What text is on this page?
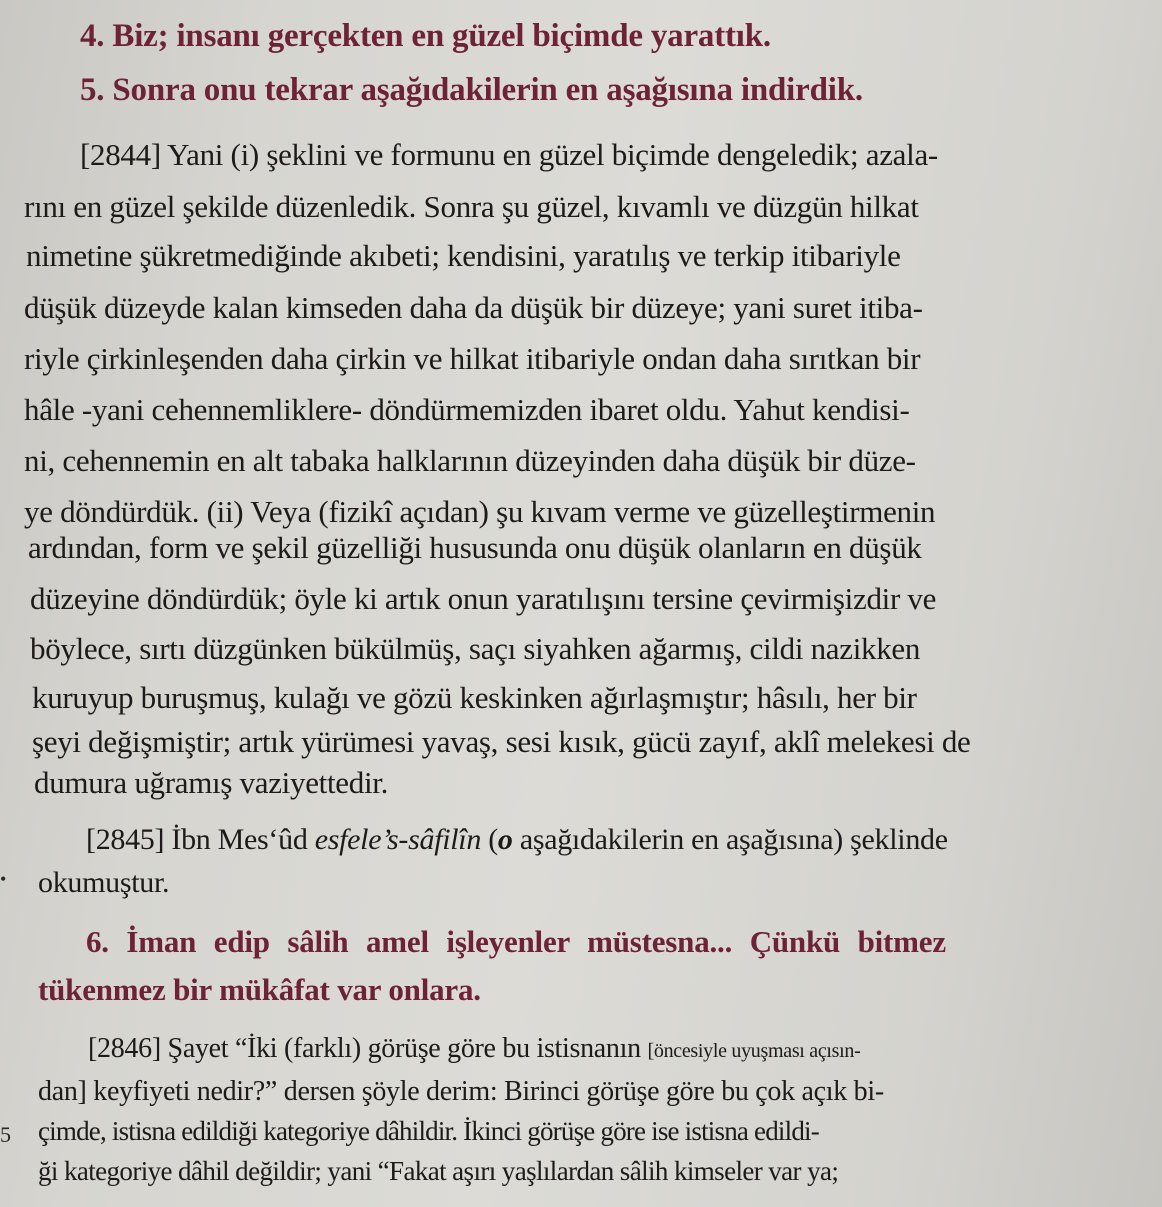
4. Biz; insanı gerçekten en güzel biçimde yarattık.
5. Sonra onu tekrar aşağıdakilerin en aşağısına indirdik.
[2844] Yani (i) şeklini ve formunu en güzel biçimde dengeledik; azala-
rını en güzel şekilde düzenledik. Sonra şu güzel, kıvamlı ve düzgün hilkat
nimetine şükretmediğinde akıbeti; kendisini, yaratılış ve terkip itibariyle
düşük düzeyde kalan kimseden daha da düşük bir düzeye; yani suret itiba-
riyle çirkinleşenden daha çirkin ve hilkat itibariyle ondan daha sırıtkan bir
hâle -yani cehennemliklere- döndürmemizden ibaret oldu. Yahut kendisi-
ni, cehennemin en alt tabaka halklarının düzeyinden daha düşük bir düze-
ye döndürdük. (ii) Veya (fizikî açıdan) şu kıvam verme ve güzelleştirmenin
ardından, form ve şekil güzelliği hususunda onu düşük olanların en düşük
düzeyine döndürdük; öyle ki artık onun yaratılışını tersine çevirmişizdir ve
böylece, sırtı düzgünken bükülmüş, saçı siyahken ağarmış, cildi nazikken
kuruyup buruşmuş, kulağı ve gözü keskinken ağırlaşmıştır; hâsılı, her bir
şeyi değişmiştir; artık yürümesi yavaş, sesi kısık, gücü zayıf, aklî melekesi de
dumura uğramış vaziyettedir.
[2845] İbn Mes‘ûd esfele’s-sâfilîn (o aşağıdakilerin en aşağısına) şeklinde
• okumuştur.
6. İman edip sâlih amel işleyenler müstesna... Çünkü bitmez
tükenmez bir mükâfat var onlara.
[2846] Şayet “İki (farklı) görüşe göre bu istisnanın [öncesiyle uyuşması açısın-
dan] keyfiyeti nedir?” dersen şöyle derim: Birinci görüşe göre bu çok açık bi-
5 çimde, istisna edildiği kategoriye dâhildir. İkinci görüşe göre ise istisna edildi-
ği kategoriye dâhil değildir; yani “Fakat aşırı yaşlılardan sâlih kimseler var ya;
